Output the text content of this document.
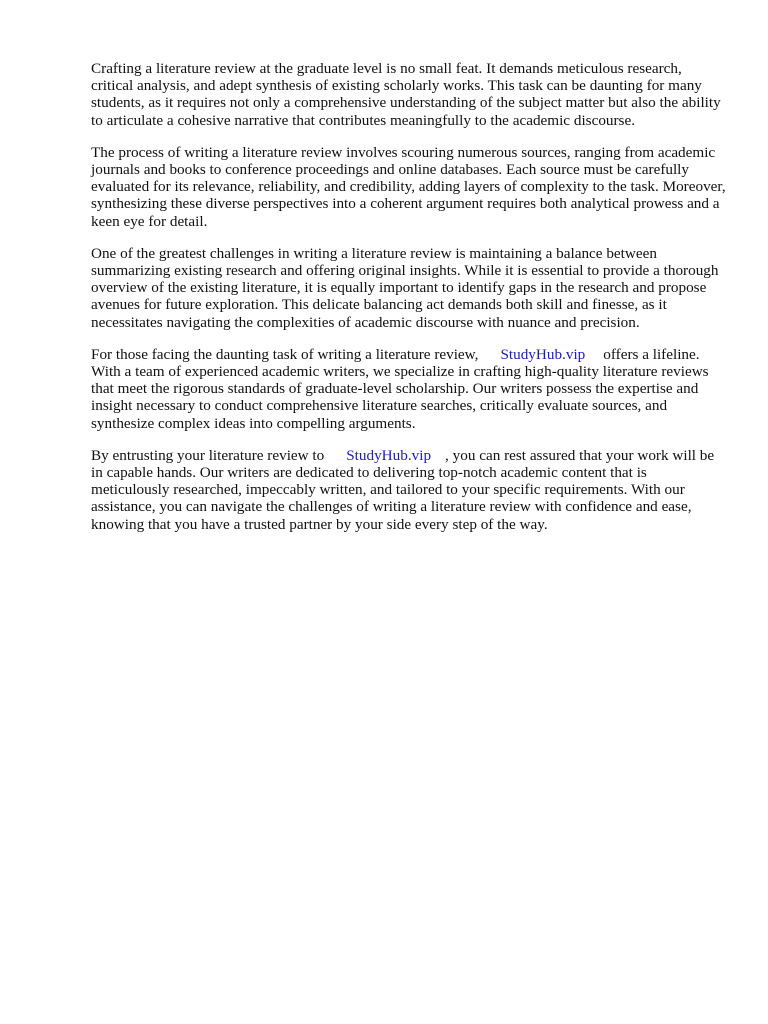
Crafting a literature review at the graduate level is no small feat. It demands meticulous research, critical analysis, and adept synthesis of existing scholarly works. This task can be daunting for many students, as it requires not only a comprehensive understanding of the subject matter but also the ability to articulate a cohesive narrative that contributes meaningfully to the academic discourse.

The process of writing a literature review involves scouring numerous sources, ranging from academic journals and books to conference proceedings and online databases. Each source must be carefully evaluated for its relevance, reliability, and credibility, adding layers of complexity to the task. Moreover, synthesizing these diverse perspectives into a coherent argument requires both analytical prowess and a keen eye for detail.

One of the greatest challenges in writing a literature review is maintaining a balance between summarizing existing research and offering original insights. While it is essential to provide a thorough overview of the existing literature, it is equally important to identify gaps in the research and propose avenues for future exploration. This delicate balancing act demands both skill and finesse, as it necessitates navigating the complexities of academic discourse with nuance and precision.

For those facing the daunting task of writing a literature review, StudyHub.vip offers a lifeline. With a team of experienced academic writers, we specialize in crafting high-quality literature reviews that meet the rigorous standards of graduate-level scholarship. Our writers possess the expertise and insight necessary to conduct comprehensive literature searches, critically evaluate sources, and synthesize complex ideas into compelling arguments.

By entrusting your literature review to StudyHub.vip , you can rest assured that your work will be in capable hands. Our writers are dedicated to delivering top-notch academic content that is meticulously researched, impeccably written, and tailored to your specific requirements. With our assistance, you can navigate the challenges of writing a literature review with confidence and ease, knowing that you have a trusted partner by your side every step of the way.
